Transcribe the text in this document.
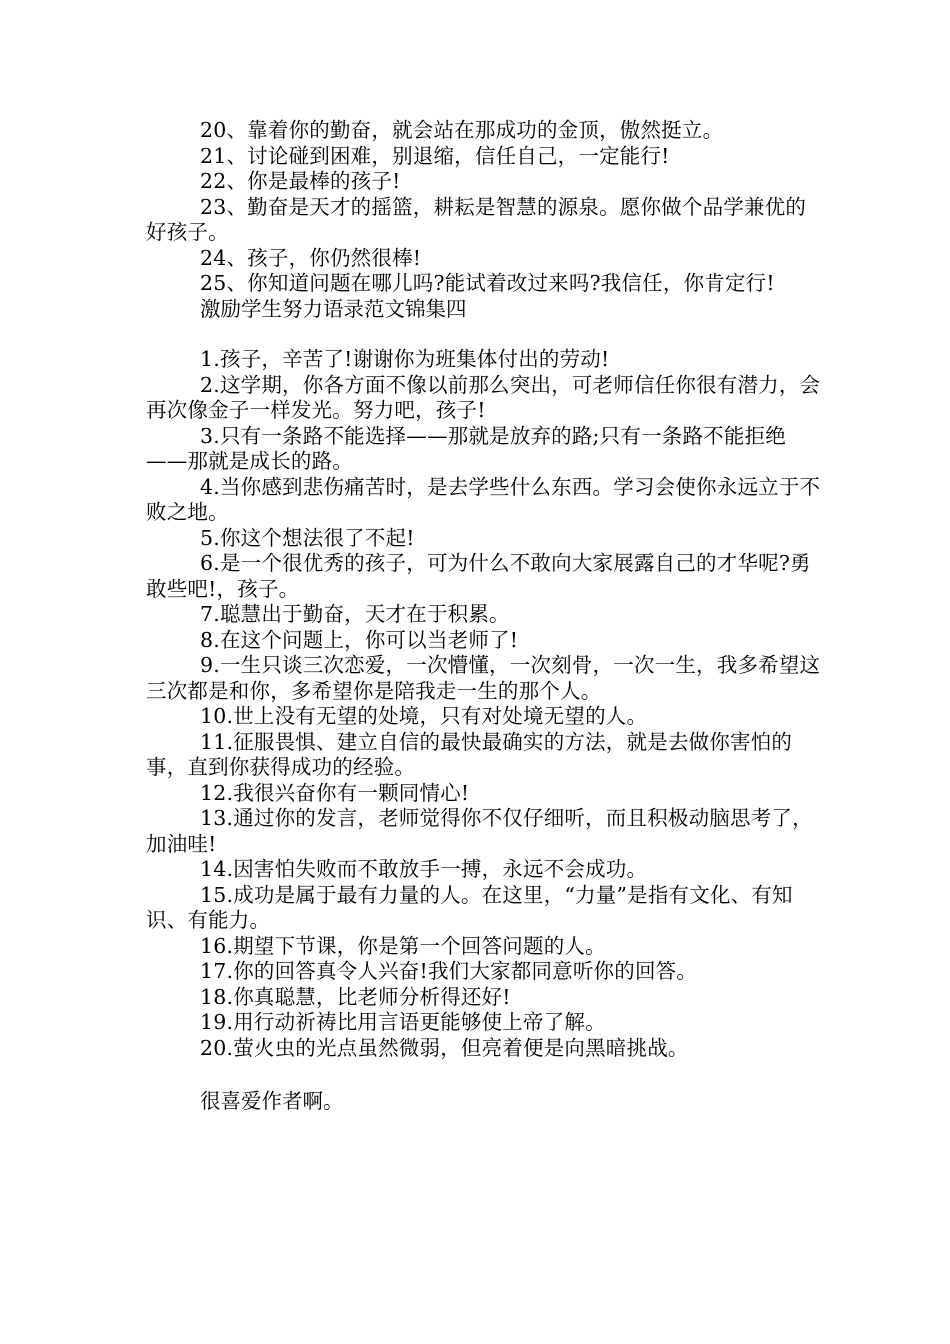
20、靠着你的勤奋，就会站在那成功的金顶，傲然挺立。

21、讨论碰到困难，别退缩，信任自己，一定能行!

22、你是最棒的孩子!

23、勤奋是天才的摇篮，耕耘是智慧的源泉。愿你做个品学兼优的好孩子。

24、孩子，你仍然很棒!

25、你知道问题在哪儿吗?能试着改过来吗?我信任，你肯定行!

激励学生努力语录范文锦集四

1.孩子，辛苦了!谢谢你为班集体付出的劳动!

2.这学期，你各方面不像以前那么突出，可老师信任你很有潜力，会再次像金子一样发光。努力吧，孩子!

3.只有一条路不能选择——那就是放弃的路;只有一条路不能拒绝——那就是成长的路。

4.当你感到悲伤痛苦时，是去学些什么东西。学习会使你永远立于不败之地。

5.你这个想法很了不起!

6.是一个很优秀的孩子，可为什么不敢向大家展露自己的才华呢?勇敢些吧!，孩子。

7.聪慧出于勤奋，天才在于积累。

8.在这个问题上，你可以当老师了!

9.一生只谈三次恋爱，一次懵懂，一次刻骨，一次一生，我多希望这三次都是和你，多希望你是陪我走一生的那个人。

10.世上没有无望的处境，只有对处境无望的人。

11.征服畏惧、建立自信的最快最确实的方法，就是去做你害怕的事，直到你获得成功的经验。

12.我很兴奋你有一颗同情心!

13.通过你的发言，老师觉得你不仅仔细听，而且积极动脑思考了，加油哇!

14.因害怕失败而不敢放手一搏，永远不会成功。

15.成功是属于最有力量的人。在这里，“力量”是指有文化、有知识、有能力。

16.期望下节课，你是第一个回答问题的人。

17.你的回答真令人兴奋!我们大家都同意听你的回答。

18.你真聪慧，比老师分析得还好!

19.用行动祈祷比用言语更能够使上帝了解。

20.萤火虫的光点虽然微弱，但亮着便是向黑暗挑战。

很喜爱作者啊。
